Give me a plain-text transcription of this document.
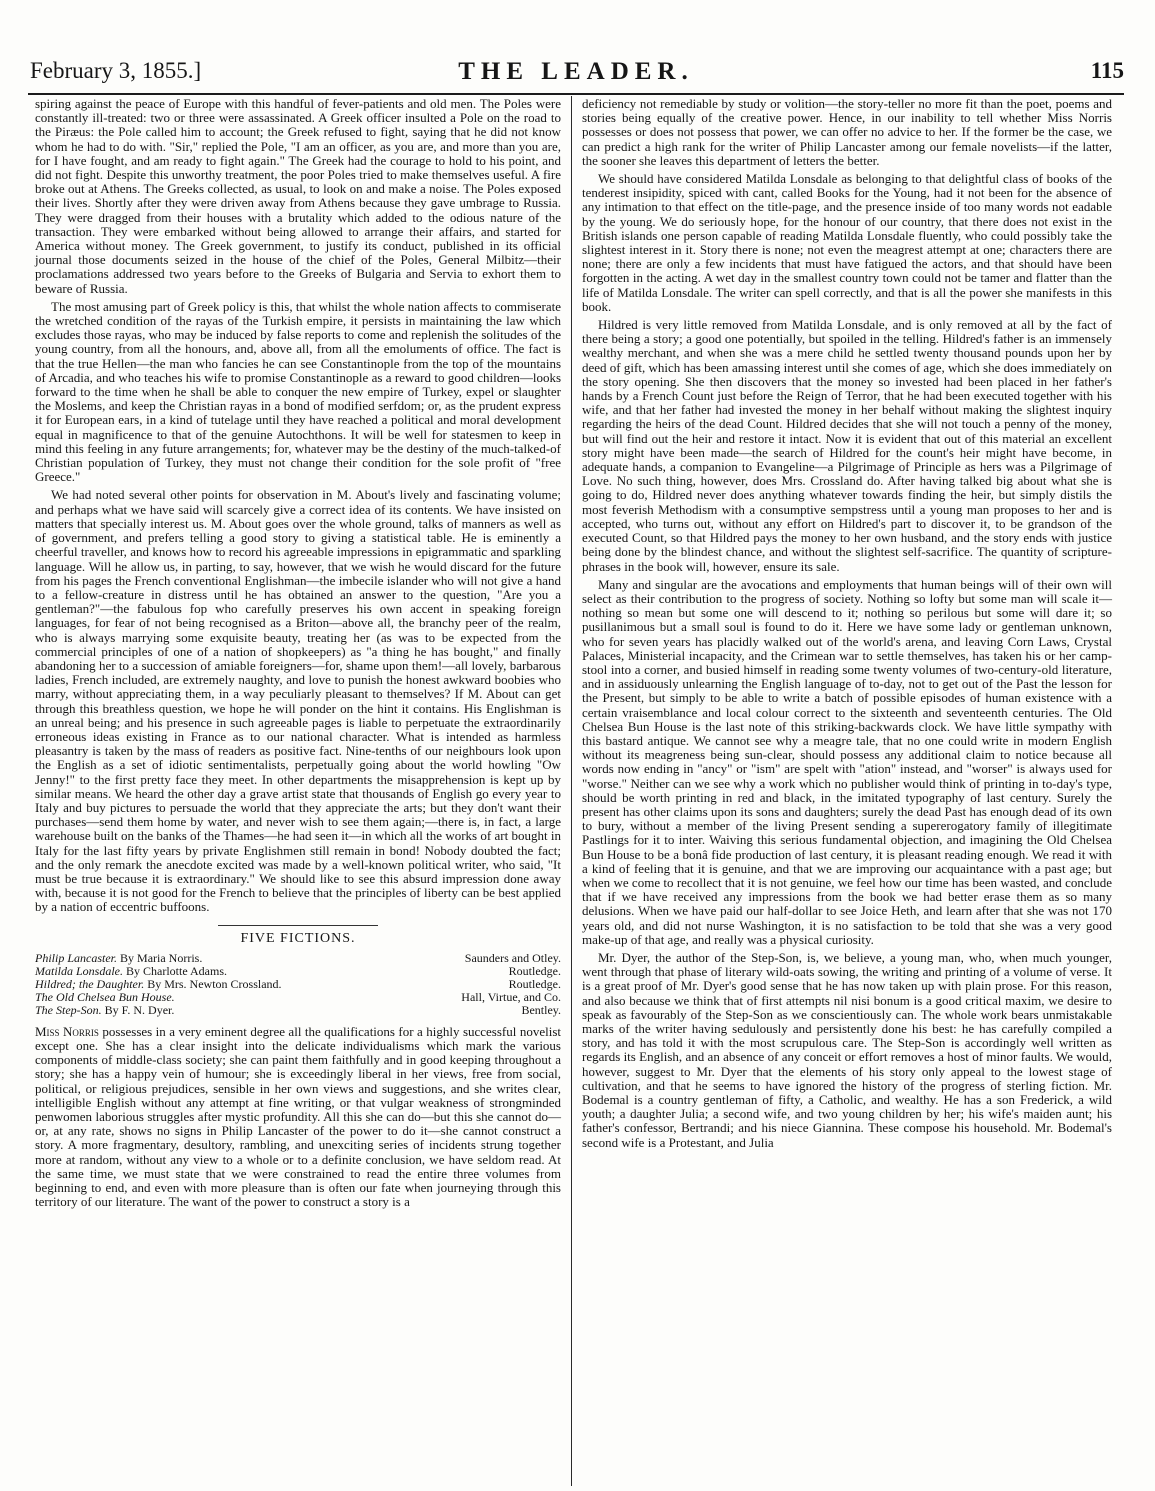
February 3, 1855.]	THE LEADER.	115

spiring against the peace of Europe with this handful of fever-patients and old men. The Poles were constantly ill-treated: two or three were assassinated. A Greek officer insulted a Pole on the road to the Piræus: the Pole called him to account; the Greek refused to fight, saying that he did not know whom he had to do with. "Sir," replied the Pole, "I am an officer, as you are, and more than you are, for I have fought, and am ready to fight again." The Greek had the courage to hold to his point, and did not fight. Despite this unworthy treatment, the poor Poles tried to make themselves useful. A fire broke out at Athens. The Greeks collected, as usual, to look on and make a noise. The Poles exposed their lives. Shortly after they were driven away from Athens because they gave umbrage to Russia. They were dragged from their houses with a brutality which added to the odious nature of the transaction. They were embarked without being allowed to arrange their affairs, and started for America without money. The Greek government, to justify its conduct, published in its official journal those documents seized in the house of the chief of the Poles, General Milbitz—their proclamations addressed two years before to the Greeks of Bulgaria and Servia to exhort them to beware of Russia.

The most amusing part of Greek policy is this, that whilst the whole nation affects to commiserate the wretched condition of the rayas of the Turkish empire, it persists in maintaining the law which excludes those rayas, who may be induced by false reports to come and replenish the solitudes of the young country, from all the honours, and, above all, from all the emoluments of office. The fact is that the true Hellen—the man who fancies he can see Constantinople from the top of the mountains of Arcadia, and who teaches his wife to promise Constantinople as a reward to good children—looks forward to the time when he shall be able to conquer the new empire of Turkey, expel or slaughter the Moslems, and keep the Christian rayas in a bond of modified serfdom; or, as the prudent express it for European ears, in a kind of tutelage until they have reached a political and moral development equal in magnificence to that of the genuine Autochthons. It will be well for statesmen to keep in mind this feeling in any future arrangements; for, whatever may be the destiny of the much-talked-of Christian population of Turkey, they must not change their condition for the sole profit of "free Greece."

We had noted several other points for observation in M. About's lively and fascinating volume; and perhaps what we have said will scarcely give a correct idea of its contents. We have insisted on matters that specially interest us. M. About goes over the whole ground, talks of manners as well as of government, and prefers telling a good story to giving a statistical table. He is eminently a cheerful traveller, and knows how to record his agreeable impressions in epigrammatic and sparkling language. Will he allow us, in parting, to say, however, that we wish he would discard for the future from his pages the French conventional Englishman—the imbecile islander who will not give a hand to a fellow-creature in distress until he has obtained an answer to the question, "Are you a gentleman?"—the fabulous fop who carefully preserves his own accent in speaking foreign languages, for fear of not being recognised as a Briton—above all, the branchy peer of the realm, who is always marrying some exquisite beauty, treating her (as was to be expected from the commercial principles of one of a nation of shopkeepers) as "a thing he has bought," and finally abandoning her to a succession of amiable foreigners—for, shame upon them!—all lovely, barbarous ladies, French included, are extremely naughty, and love to punish the honest awkward boobies who marry, without appreciating them, in a way peculiarly pleasant to themselves? If M. About can get through this breathless question, we hope he will ponder on the hint it contains. His Englishman is an unreal being; and his presence in such agreeable pages is liable to perpetuate the extraordinarily erroneous ideas existing in France as to our national character. What is intended as harmless pleasantry is taken by the mass of readers as positive fact. Nine-tenths of our neighbours look upon the English as a set of idiotic sentimentalists, perpetually going about the world howling "Ow Jenny!" to the first pretty face they meet. In other departments the misapprehension is kept up by similar means. We heard the other day a grave artist state that thousands of English go every year to Italy and buy pictures to persuade the world that they appreciate the arts; but they don't want their purchases—send them home by water, and never wish to see them again;—there is, in fact, a large warehouse built on the banks of the Thames—he had seen it—in which all the works of art bought in Italy for the last fifty years by private Englishmen still remain in bond! Nobody doubted the fact; and the only remark the anecdote excited was made by a well-known political writer, who said, "It must be true because it is extraordinary." We should like to see this absurd impression done away with, because it is not good for the French to believe that the principles of liberty can be best applied by a nation of eccentric buffoons.

FIVE FICTIONS.
Philip Lancaster. By Maria Norris.	Saunders and Otley.
Matilda Lonsdale. By Charlotte Adams.	Routledge.
Hildred; the Daughter. By Mrs. Newton Crossland.	Routledge.
The Old Chelsea Bun House.	Hall, Virtue, and Co.
The Step-Son. By F. N. Dyer.	Bentley.

Miss Norris possesses in a very eminent degree all the qualifications for a highly successful novelist except one. She has a clear insight into the delicate individualisms which mark the various components of middle-class society; she can paint them faithfully and in good keeping throughout a story; she has a happy vein of humour; she is exceedingly liberal in her views, free from social, political, or religious prejudices, sensible in her own views and suggestions, and she writes clear, intelligible English without any attempt at fine writing, or that vulgar weakness of strongminded penwomen laborious struggles after mystic profundity. All this she can do—but this she cannot do—or, at any rate, shows no signs in Philip Lancaster of the power to do it—she cannot construct a story. A more fragmentary, desultory, rambling, and unexciting series of incidents strung together more at random, without any view to a whole or to a definite conclusion, we have seldom read. At the same time, we must state that we were constrained to read the entire three volumes from beginning to end, and even with more pleasure than is often our fate when journeying through this territory of our literature. The want of the power to construct a story is a

deficiency not remediable by study or volition—the story-teller no more fit than the poet, poems and stories being equally of the creative power. Hence, in our inability to tell whether Miss Norris possesses or does not possess that power, we can offer no advice to her. If the former be the case, we can predict a high rank for the writer of Philip Lancaster among our female novelists—if the latter, the sooner she leaves this department of letters the better.

We should have considered Matilda Lonsdale as belonging to that delightful class of books of the tenderest insipidity, spiced with cant, called Books for the Young, had it not been for the absence of any intimation to that effect on the title-page, and the presence inside of too many words not eadable by the young. We do seriously hope, for the honour of our country, that there does not exist in the British islands one person capable of reading Matilda Lonsdale fluently, who could possibly take the slightest interest in it. Story there is none; not even the meagrest attempt at one; characters there are none; there are only a few incidents that must have fatigued the actors, and that should have been forgotten in the acting. A wet day in the smallest country town could not be tamer and flatter than the life of Matilda Lonsdale. The writer can spell correctly, and that is all the power she manifests in this book.

Hildred is very little removed from Matilda Lonsdale, and is only removed at all by the fact of there being a story; a good one potentially, but spoiled in the telling. Hildred's father is an immensely wealthy merchant, and when she was a mere child he settled twenty thousand pounds upon her by deed of gift, which has been amassing interest until she comes of age, which she does immediately on the story opening. She then discovers that the money so invested had been placed in her father's hands by a French Count just before the Reign of Terror, that he had been executed together with his wife, and that her father had invested the money in her behalf without making the slightest inquiry regarding the heirs of the dead Count. Hildred decides that she will not touch a penny of the money, but will find out the heir and restore it intact. Now it is evident that out of this material an excellent story might have been made—the search of Hildred for the count's heir might have become, in adequate hands, a companion to Evangeline—a Pilgrimage of Principle as hers was a Pilgrimage of Love. No such thing, however, does Mrs. Crossland do. After having talked big about what she is going to do, Hildred never does anything whatever towards finding the heir, but simply distils the most feverish Methodism with a consumptive sempstress until a young man proposes to her and is accepted, who turns out, without any effort on Hildred's part to discover it, to be grandson of the executed Count, so that Hildred pays the money to her own husband, and the story ends with justice being done by the blindest chance, and without the slightest self-sacrifice. The quantity of scripture-phrases in the book will, however, ensure its sale.

Many and singular are the avocations and employments that human beings will of their own will select as their contribution to the progress of society. Nothing so lofty but some man will scale it—nothing so mean but some one will descend to it; nothing so perilous but some will dare it; so pusillanimous but a small soul is found to do it. Here we have some lady or gentleman unknown, who for seven years has placidly walked out of the world's arena, and leaving Corn Laws, Crystal Palaces, Ministerial incapacity, and the Crimean war to settle themselves, has taken his or her camp-stool into a corner, and busied himself in reading some twenty volumes of two-century-old literature, and in assiduously unlearning the English language of to-day, not to get out of the Past the lesson for the Present, but simply to be able to write a batch of possible episodes of human existence with a certain vraisemblance and local colour correct to the sixteenth and seventeenth centuries. The Old Chelsea Bun House is the last note of this striking-backwards clock. We have little sympathy with this bastard antique. We cannot see why a meagre tale, that no one could write in modern English without its meagreness being sun-clear, should possess any additional claim to notice because all words now ending in "ancy" or "ism" are spelt with "ation" instead, and "worser" is always used for "worse." Neither can we see why a work which no publisher would think of printing in to-day's type, should be worth printing in red and black, in the imitated typography of last century. Surely the present has other claims upon its sons and daughters; surely the dead Past has enough dead of its own to bury, without a member of the living Present sending a supererogatory family of illegitimate Pastlings for it to inter. Waiving this serious fundamental objection, and imagining the Old Chelsea Bun House to be a bonâ fide production of last century, it is pleasant reading enough. We read it with a kind of feeling that it is genuine, and that we are improving our acquaintance with a past age; but when we come to recollect that it is not genuine, we feel how our time has been wasted, and conclude that if we have received any impressions from the book we had better erase them as so many delusions. When we have paid our half-dollar to see Joice Heth, and learn after that she was not 170 years old, and did not nurse Washington, it is no satisfaction to be told that she was a very good make-up of that age, and really was a physical curiosity.

Mr. Dyer, the author of the Step-Son, is, we believe, a young man, who, when much younger, went through that phase of literary wild-oats sowing, the writing and printing of a volume of verse. It is a great proof of Mr. Dyer's good sense that he has now taken up with plain prose. For this reason, and also because we think that of first attempts nil nisi bonum is a good critical maxim, we desire to speak as favourably of the Step-Son as we conscientiously can. The whole work bears unmistakable marks of the writer having sedulously and persistently done his best: he has carefully compiled a story, and has told it with the most scrupulous care. The Step-Son is accordingly well written as regards its English, and an absence of any conceit or effort removes a host of minor faults. We would, however, suggest to Mr. Dyer that the elements of his story only appeal to the lowest stage of cultivation, and that he seems to have ignored the history of the progress of sterling fiction. Mr. Bodemal is a country gentleman of fifty, a Catholic, and wealthy. He has a son Frederick, a wild youth; a daughter Julia; a second wife, and two young children by her; his wife's maiden aunt; his father's confessor, Bertrandi; and his niece Giannina. These compose his household. Mr. Bodemal's second wife is a Protestant, and Julia
